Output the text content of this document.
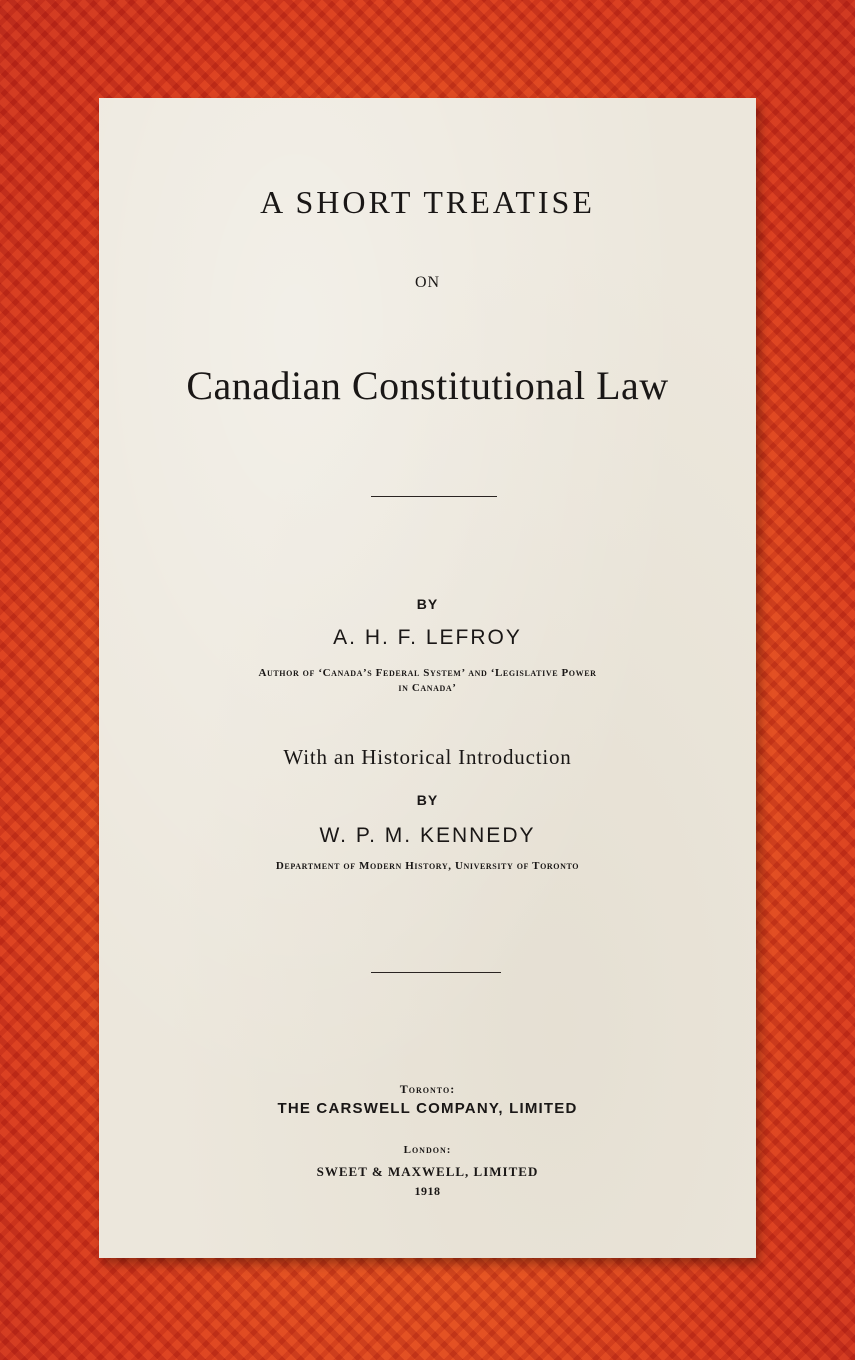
A SHORT TREATISE
ON
Canadian Constitutional Law
BY
A. H. F. LEFROY
Author of ‘Canada’s Federal System’ and ‘Legislative Power
in Canada’
With an Historical Introduction
BY
W. P. M. KENNEDY
Department of Modern History, University of Toronto
Toronto:
THE CARSWELL COMPANY, LIMITED
London:
SWEET & MAXWELL, LIMITED
1918
